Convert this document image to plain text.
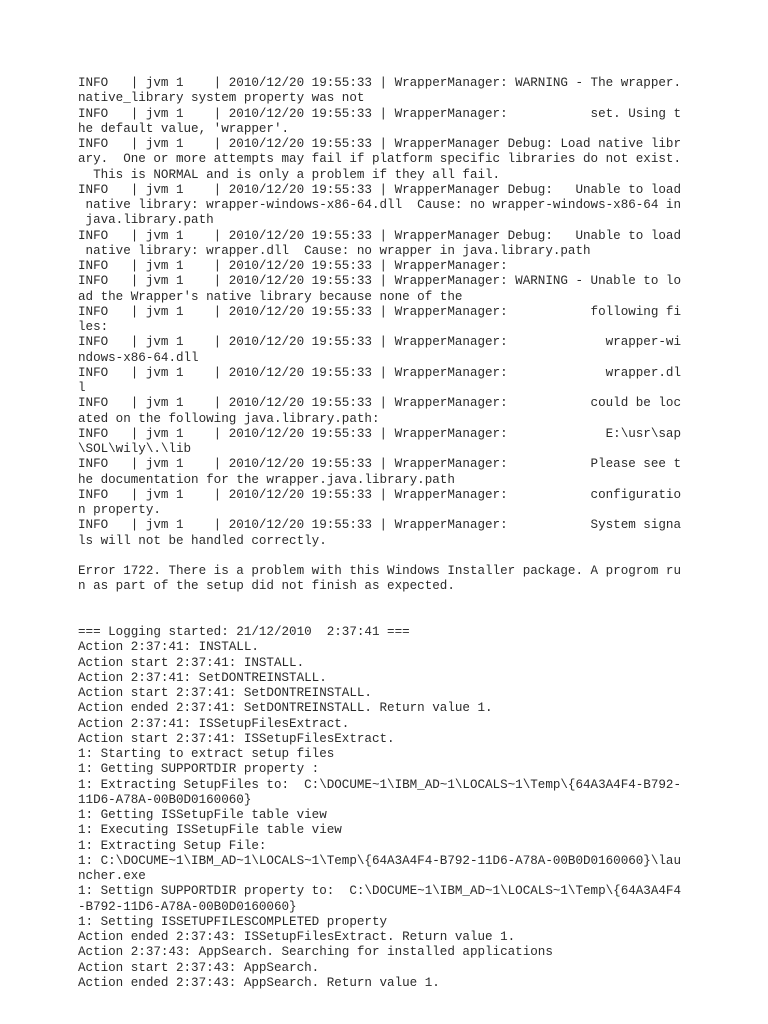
INFO   | jvm 1    | 2010/12/20 19:55:33 | WrapperManager: WARNING - The wrapper.
native_library system property was not
INFO   | jvm 1    | 2010/12/20 19:55:33 | WrapperManager:           set. Using t
he default value, 'wrapper'.
INFO   | jvm 1    | 2010/12/20 19:55:33 | WrapperManager Debug: Load native libr
ary.  One or more attempts may fail if platform specific libraries do not exist.
This is NORMAL and is only a problem if they all fail.
INFO   | jvm 1    | 2010/12/20 19:55:33 | WrapperManager Debug:   Unable to load
native library: wrapper-windows-x86-64.dll  Cause: no wrapper-windows-x86-64 in
java.library.path
INFO   | jvm 1    | 2010/12/20 19:55:33 | WrapperManager Debug:   Unable to load
native library: wrapper.dll  Cause: no wrapper in java.library.path
INFO   | jvm 1    | 2010/12/20 19:55:33 | WrapperManager:
INFO   | jvm 1    | 2010/12/20 19:55:33 | WrapperManager: WARNING - Unable to lo
ad the Wrapper's native library because none of the
INFO   | jvm 1    | 2010/12/20 19:55:33 | WrapperManager:           following fi
les:
INFO   | jvm 1    | 2010/12/20 19:55:33 | WrapperManager:             wrapper-wi
ndows-x86-64.dll
INFO   | jvm 1    | 2010/12/20 19:55:33 | WrapperManager:             wrapper.dl
l
INFO   | jvm 1    | 2010/12/20 19:55:33 | WrapperManager:           could be loc
ated on the following java.library.path:
INFO   | jvm 1    | 2010/12/20 19:55:33 | WrapperManager:             E:\usr\sap
\SOL\wily\.\lib
INFO   | jvm 1    | 2010/12/20 19:55:33 | WrapperManager:           Please see t
he documentation for the wrapper.java.library.path
INFO   | jvm 1    | 2010/12/20 19:55:33 | WrapperManager:           configuratio
n property.
INFO   | jvm 1    | 2010/12/20 19:55:33 | WrapperManager:           System signa
ls will not be handled correctly.
Error 1722. There is a problem with this Windows Installer package. A progrom ru
n as part of the setup did not finish as expected.
=== Logging started: 21/12/2010  2:37:41 ===
Action 2:37:41: INSTALL.
Action start 2:37:41: INSTALL.
Action 2:37:41: SetDONTREINSTALL.
Action start 2:37:41: SetDONTREINSTALL.
Action ended 2:37:41: SetDONTREINSTALL. Return value 1.
Action 2:37:41: ISSetupFilesExtract.
Action start 2:37:41: ISSetupFilesExtract.
1: Starting to extract setup files
1: Getting SUPPORTDIR property :
1: Extracting SetupFiles to:  C:\DOCUME~1\IBM_AD~1\LOCALS~1\Temp\{64A3A4F4-B792-
11D6-A78A-00B0D0160060}
1: Getting ISSetupFile table view
1: Executing ISSetupFile table view
1: Extracting Setup File:
1: C:\DOCUME~1\IBM_AD~1\LOCALS~1\Temp\{64A3A4F4-B792-11D6-A78A-00B0D0160060}\lau
ncher.exe
1: Settign SUPPORTDIR property to:  C:\DOCUME~1\IBM_AD~1\LOCALS~1\Temp\{64A3A4F4
-B792-11D6-A78A-00B0D0160060}
1: Setting ISSETUPFILESCOMPLETED property
Action ended 2:37:43: ISSetupFilesExtract. Return value 1.
Action 2:37:43: AppSearch. Searching for installed applications
Action start 2:37:43: AppSearch.
Action ended 2:37:43: AppSearch. Return value 1.
